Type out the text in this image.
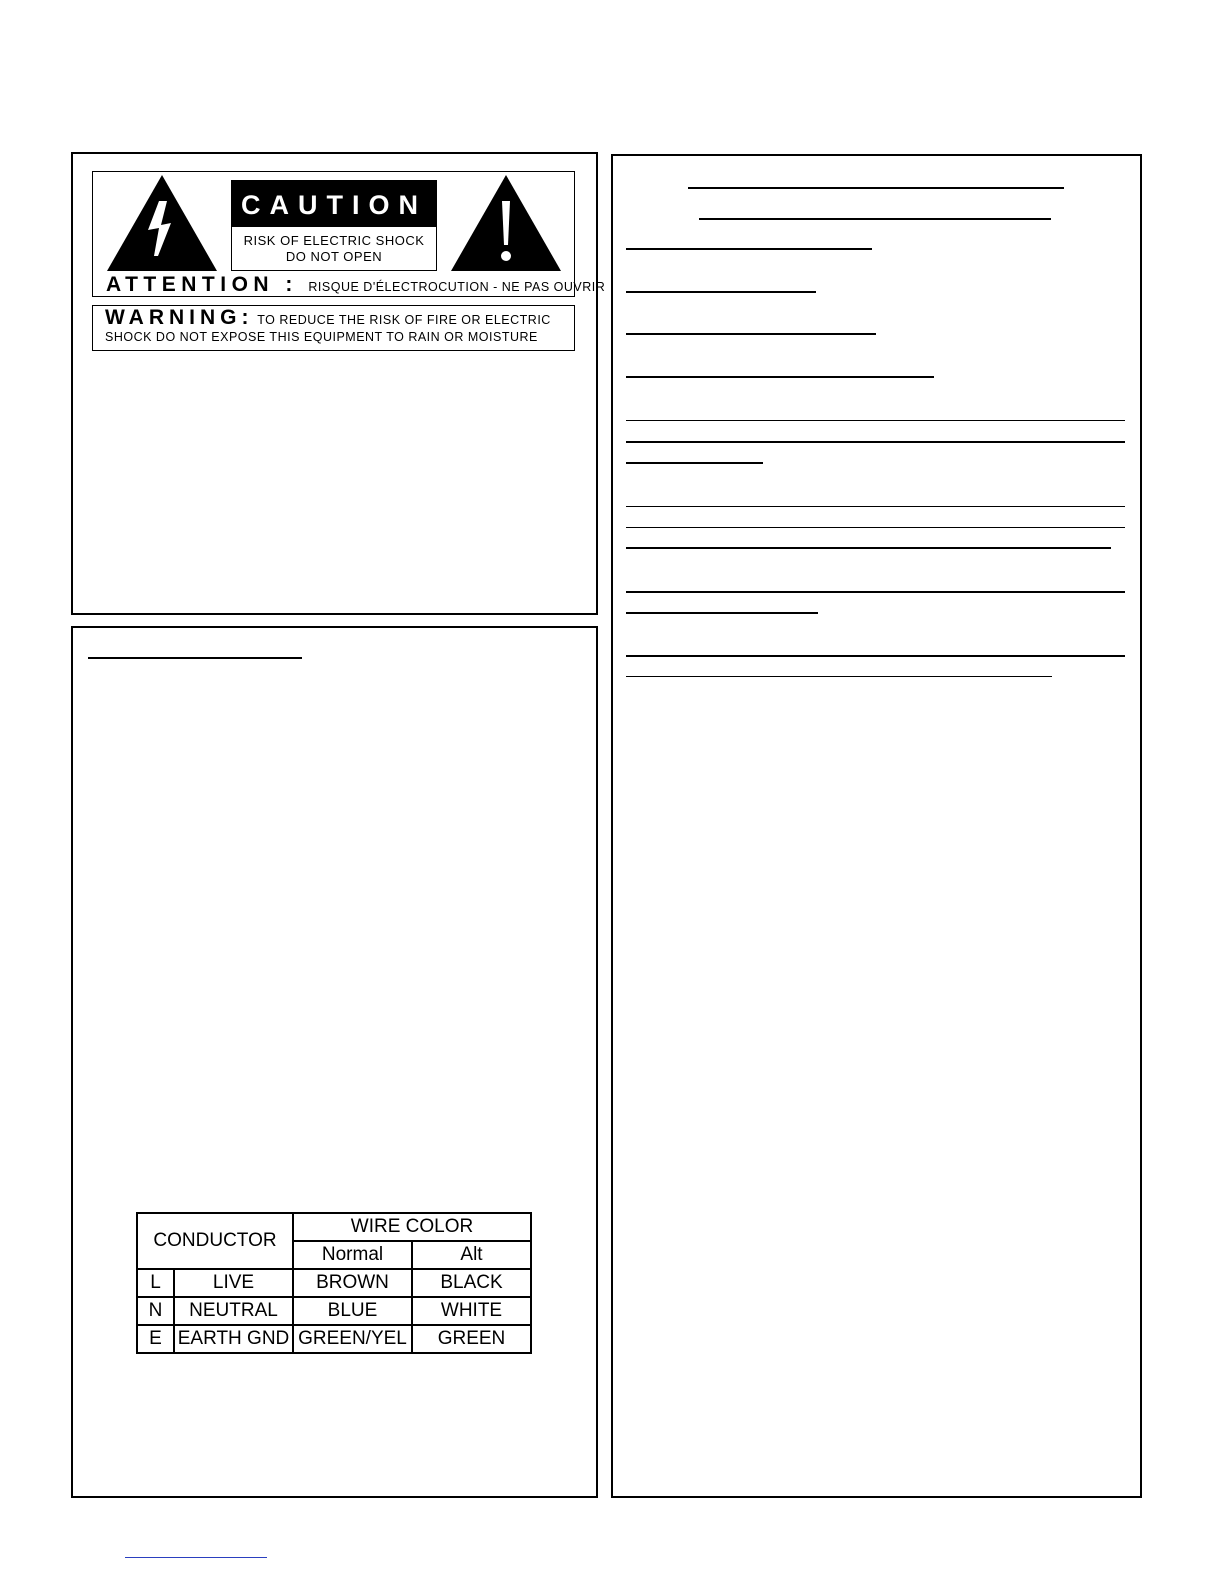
CAUTION
RISK OF ELECTRIC SHOCK
DO NOT OPEN
ATTENTION : RISQUE D'ÉLECTROCUTION - NE PAS OUVRIR
WARNING: TO REDUCE THE RISK OF FIRE OR ELECTRIC
SHOCK DO NOT EXPOSE THIS EQUIPMENT TO RAIN OR MOISTURE
CONDUCTOR		WIRE COLOR	
		Normal	Alt
L	LIVE	BROWN	BLACK
N	NEUTRAL	BLUE	WHITE
E	EARTH GND	GREEN/YEL	GREEN
